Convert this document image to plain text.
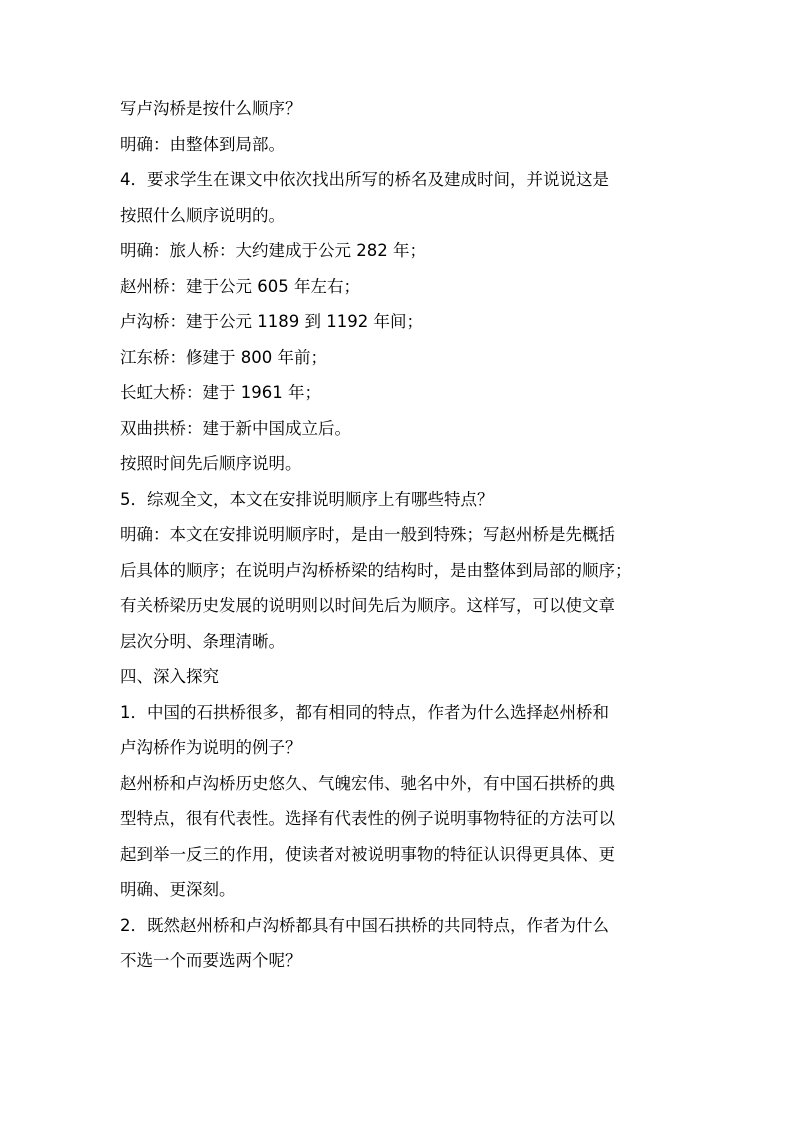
写卢沟桥是按什么顺序？
明确：由整体到局部。
4．要求学生在课文中依次找出所写的桥名及建成时间，并说说这是
按照什么顺序说明的。
明确：旅人桥：大约建成于公元 282 年；
赵州桥：建于公元 605 年左右；
卢沟桥：建于公元 1189 到 1192 年间；
江东桥：修建于 800 年前；
长虹大桥：建于 1961 年；
双曲拱桥：建于新中国成立后。
按照时间先后顺序说明。
5．综观全文，本文在安排说明顺序上有哪些特点？
明确：本文在安排说明顺序时，是由一般到特殊；写赵州桥是先概括
后具体的顺序；在说明卢沟桥桥梁的结构时，是由整体到局部的顺序；
有关桥梁历史发展的说明则以时间先后为顺序。这样写，可以使文章
层次分明、条理清晰。
四、深入探究
1．中国的石拱桥很多，都有相同的特点，作者为什么选择赵州桥和
卢沟桥作为说明的例子？
赵州桥和卢沟桥历史悠久、气魄宏伟、驰名中外，有中国石拱桥的典
型特点，很有代表性。选择有代表性的例子说明事物特征的方法可以
起到举一反三的作用，使读者对被说明事物的特征认识得更具体、更
明确、更深刻。
2．既然赵州桥和卢沟桥都具有中国石拱桥的共同特点，作者为什么
不选一个而要选两个呢？
